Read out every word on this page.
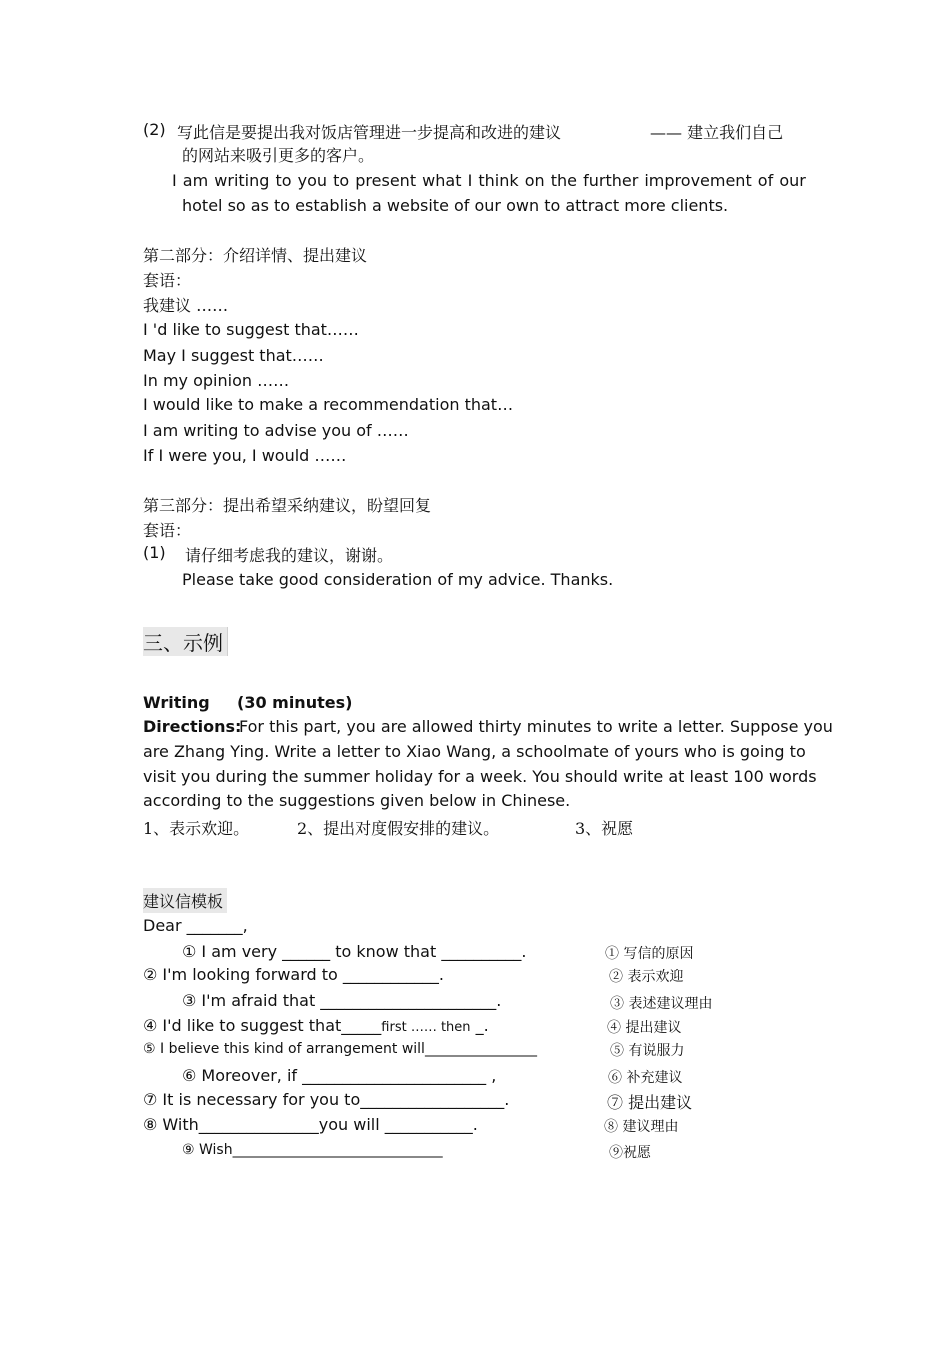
(2) 写此信是要提出我对饭店管理进一步提高和改进的建议	—— 建立我们自己
的网站来吸引更多的客户。
I am writing to you to present what I think on the further improvement of our
hotel so as to establish a website of our own to attract more clients.
第二部分：介绍详情、提出建议
套语：
我建议 ……
I 'd like to suggest that……
May I suggest that……
In my opinion ……
I would like to make a recommendation that…
I am writing to advise you of ……
If I were you, I would ……
第三部分：提出希望采纳建议，盼望回复
套语：
(1) 请仔细考虑我的建议，谢谢。
Please take good consideration of my advice. Thanks.
三、示例
Writing (30 minutes)
Directions:
For this part, you are allowed thirty minutes to write a letter. Suppose you
are Zhang Ying. Write a letter to Xiao Wang, a schoolmate of yours who is going to
visit you during the summer holiday for a week. You should write at least 100 words
according to the suggestions given below in Chinese.
1、表示欢迎。	2、提出对度假安排的建议。	3、祝愿
建议信模板
Dear _______,
① I am very ______ to know that __________.
② I'm looking forward to ____________.
③ I'm afraid that ______________________.
④ I'd like to suggest that_____first …… then _.
⑤ I believe this kind of arrangement will________________
⑥ Moreover, if _______________________ ,
⑦ It is necessary for you to__________________.
⑧ With_______________you will ___________.
⑨ Wish______________________________
① 写信的原因
② 表示欢迎
③ 表述建议理由
④ 提出建议
⑤ 有说服力
⑥ 补充建议
⑦ 提出建议
⑧ 建议理由
⑨祝愿
